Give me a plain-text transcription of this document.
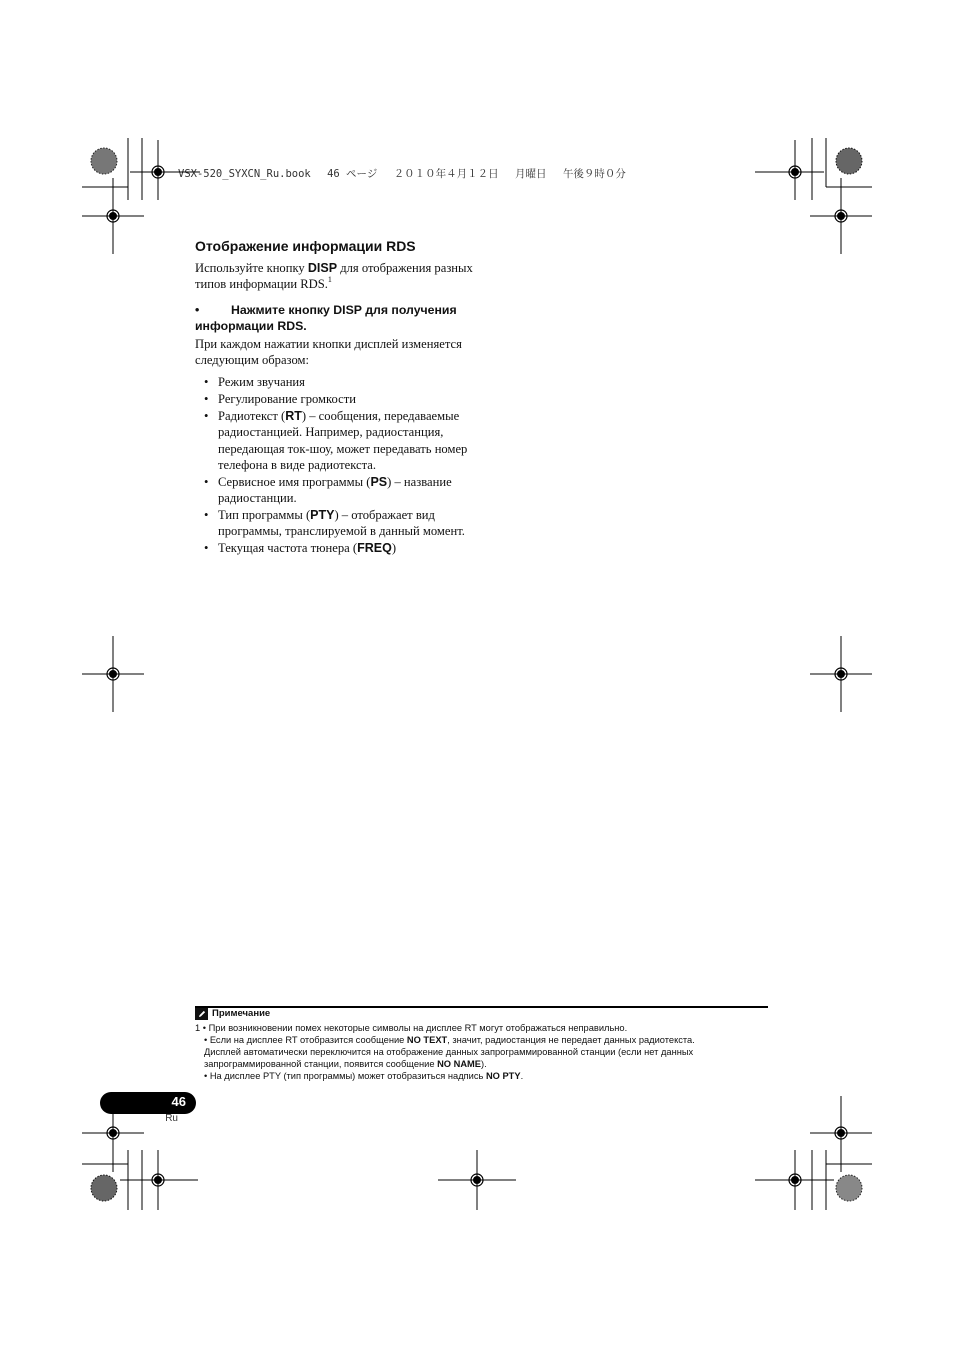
VSX-520_SYXCN_Ru.book 46 ページ ２０１０年４月１２日 月曜日 午後９時０分
Отображение информации RDS

Используйте кнопку DISP для отображения разных типов информации RDS.$^1$

•	Нажмите кнопку DISP для получения
информации RDS.

При каждом нажатии кнопки дисплей изменяется следующим образом:

• Режим звучания
• Регулирование громкости
• Радиотекст (RT) – сообщения, передаваемые радиостанцией. Например, радиостанция, передающая ток-шоу, может передавать номер телефона в виде радиотекста.
• Сервисное имя программы (PS) – название радиостанции.
• Тип программы (PTY) – отображает вид программы, транслируемой в данный момент.
• Текущая частота тюнера (FREQ)
Примечание
1 • При возникновении помех некоторые символы на дисплее RT могут отображаться неправильно.
• Если на дисплее RT отобразится сообщение NO TEXT, значит, радиостанция не передает данных радиотекста.
Дисплей автоматически переключится на отображение данных запрограммированной станции (если нет данных
запрограммированной станции, появится сообщение NO NAME).
• На дисплее PTY (тип программы) может отобразиться надпись NO PTY.
46
Ru
